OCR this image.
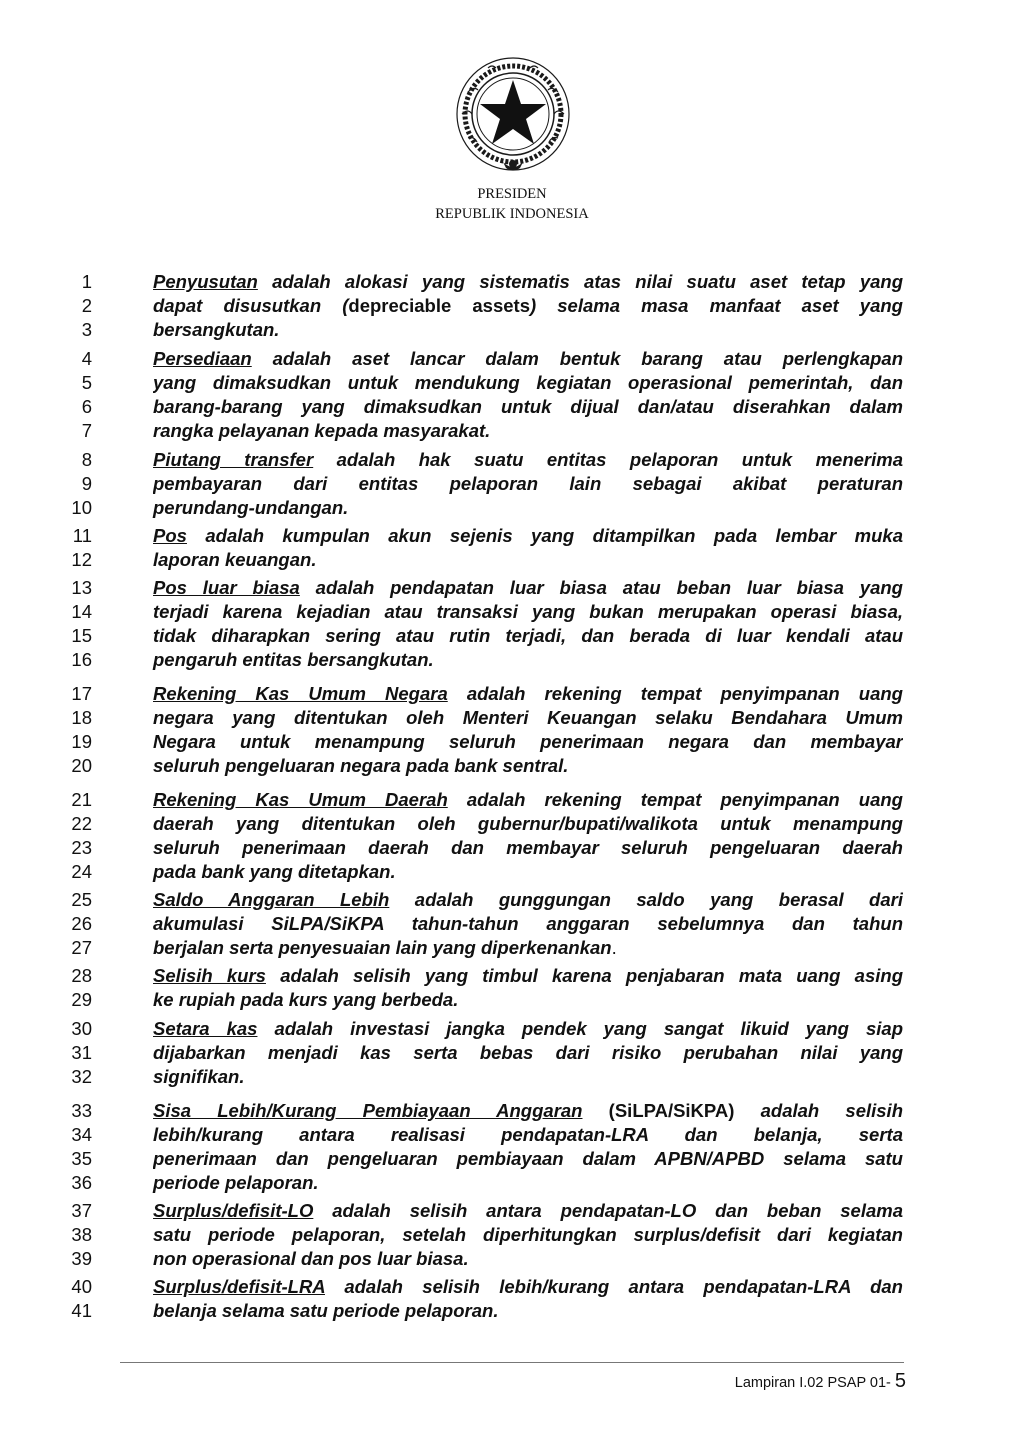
PRESIDEN
REPUBLIK INDONESIA
1	Penyusutan adalah alokasi yang sistematis atas nilai suatu aset tetap yang
2	dapat disusutkan (depreciable assets) selama masa manfaat aset yang
3	bersangkutan.
4	Persediaan adalah aset lancar dalam bentuk barang atau perlengkapan
5	yang dimaksudkan untuk mendukung kegiatan operasional pemerintah, dan
6	barang-barang yang dimaksudkan untuk dijual dan/atau diserahkan dalam
7	rangka pelayanan kepada masyarakat.
8	Piutang transfer adalah hak suatu entitas pelaporan untuk menerima
9	pembayaran dari entitas pelaporan lain sebagai akibat peraturan
10	perundang-undangan.
11	Pos adalah kumpulan akun sejenis yang ditampilkan pada lembar muka
12	laporan keuangan.
13	Pos luar biasa adalah pendapatan luar biasa atau beban luar biasa yang
14	terjadi karena kejadian atau transaksi yang bukan merupakan operasi biasa,
15	tidak diharapkan sering atau rutin terjadi, dan berada di luar kendali atau
16	pengaruh entitas bersangkutan.
17	Rekening Kas Umum Negara adalah rekening tempat penyimpanan uang
18	negara yang ditentukan oleh Menteri Keuangan selaku Bendahara Umum
19	Negara untuk menampung seluruh penerimaan negara dan membayar
20	seluruh pengeluaran negara pada bank sentral.
21	Rekening Kas Umum Daerah adalah rekening tempat penyimpanan uang
22	daerah yang ditentukan oleh gubernur/bupati/walikota untuk menampung
23	seluruh penerimaan daerah dan membayar seluruh pengeluaran daerah
24	pada bank yang ditetapkan.
25	Saldo Anggaran Lebih adalah gunggungan saldo yang berasal dari
26	akumulasi SiLPA/SiKPA tahun-tahun anggaran sebelumnya dan tahun
27	berjalan serta penyesuaian lain yang diperkenankan.
28	Selisih kurs adalah selisih yang timbul karena penjabaran mata uang asing
29	ke rupiah pada kurs yang berbeda.
30	Setara kas adalah investasi jangka pendek yang sangat likuid yang siap
31	dijabarkan menjadi kas serta bebas dari risiko perubahan nilai yang
32	signifikan.
33	Sisa Lebih/Kurang Pembiayaan Anggaran (SiLPA/SiKPA) adalah selisih
34	lebih/kurang antara realisasi pendapatan-LRA dan belanja, serta
35	penerimaan dan pengeluaran pembiayaan dalam APBN/APBD selama satu
36	periode pelaporan.
37	Surplus/defisit-LO adalah selisih antara pendapatan-LO dan beban selama
38	satu periode pelaporan, setelah diperhitungkan surplus/defisit dari kegiatan
39	non operasional dan pos luar biasa.
40	Surplus/defisit-LRA adalah selisih lebih/kurang antara pendapatan-LRA dan
41	belanja selama satu periode pelaporan.
Lampiran I.02 PSAP 01- 5
